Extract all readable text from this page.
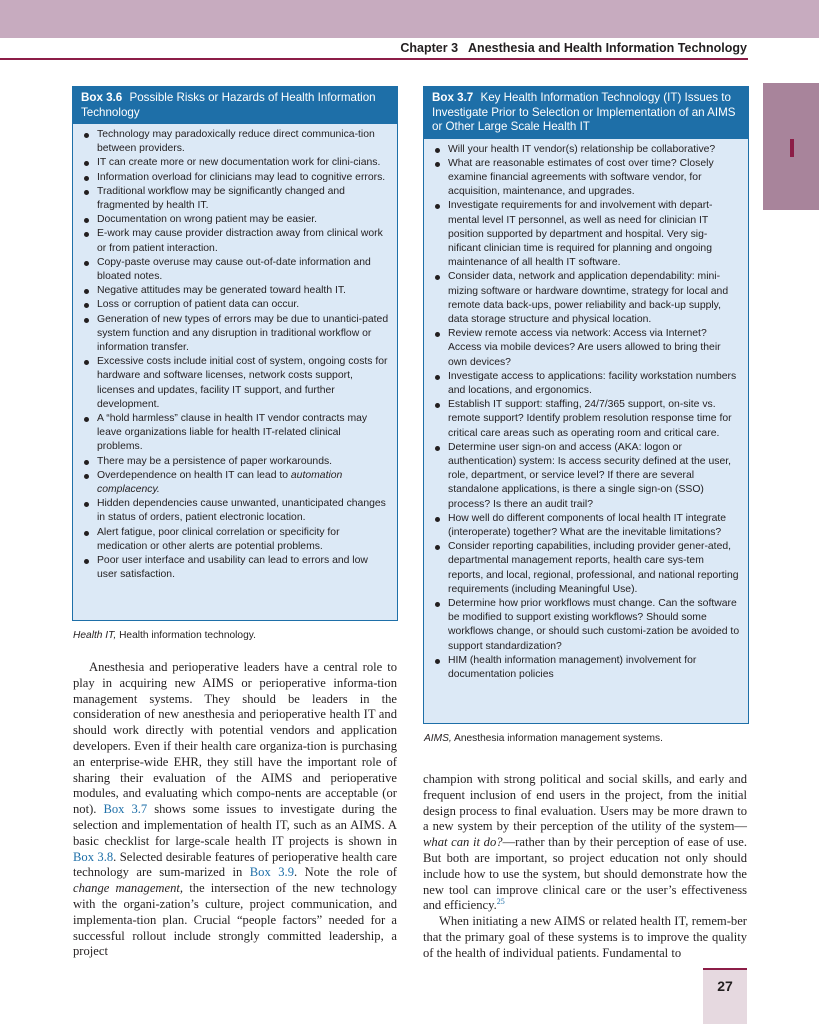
Chapter 3 Anesthesia and Health Information Technology
Box 3.6 Possible Risks or Hazards of Health Information Technology
Technology may paradoxically reduce direct communica-tion between providers.
IT can create more or new documentation work for clini-cians.
Information overload for clinicians may lead to cognitive errors.
Traditional workflow may be significantly changed and fragmented by health IT.
Documentation on wrong patient may be easier.
E-work may cause provider distraction away from clinical work or from patient interaction.
Copy-paste overuse may cause out-of-date information and bloated notes.
Negative attitudes may be generated toward health IT.
Loss or corruption of patient data can occur.
Generation of new types of errors may be due to unantici-pated system function and any disruption in traditional workflow or information transfer.
Excessive costs include initial cost of system, ongoing costs for hardware and software licenses, network costs support, licenses and updates, facility IT support, and further development.
A “hold harmless” clause in health IT vendor contracts may leave organizations liable for health IT-related clinical problems.
There may be a persistence of paper workarounds.
Overdependence on health IT can lead to automation complacency.
Hidden dependencies cause unwanted, unanticipated changes in status of orders, patient electronic location.
Alert fatigue, poor clinical correlation or specificity for medication or other alerts are potential problems.
Poor user interface and usability can lead to errors and low user satisfaction.
Health IT, Health information technology.
Box 3.7 Key Health Information Technology (IT) Issues to Investigate Prior to Selection or Implementation of an AIMS or Other Large Scale Health IT
Will your health IT vendor(s) relationship be collaborative?
What are reasonable estimates of cost over time? Closely examine financial agreements with software vendor, for acquisition, maintenance, and upgrades.
Investigate requirements for and involvement with depart-mental level IT personnel, as well as need for clinician IT position supported by department and hospital. Very sig-nificant clinician time is required for planning and ongoing maintenance of all health IT software.
Consider data, network and application dependability: mini-mizing software or hardware downtime, strategy for local and remote data back-ups, power reliability and back-up supply, data storage structure and physical location.
Review remote access via network: Access via Internet? Access via mobile devices? Are users allowed to bring their own devices?
Investigate access to applications: facility workstation numbers and locations, and ergonomics.
Establish IT support: staffing, 24/7/365 support, on-site vs. remote support? Identify problem resolution response time for critical care areas such as operating room and critical care.
Determine user sign-on and access (AKA: logon or authentication) system: Is access security defined at the user, role, department, or service level? If there are several standalone applications, is there a single sign-on (SSO) process? Is there an audit trail?
How well do different components of local health IT integrate (interoperate) together? What are the inevitable limitations?
Consider reporting capabilities, including provider gener-ated, departmental management reports, health care sys-tem reports, and local, regional, professional, and national reporting requirements (including Meaningful Use).
Determine how prior workflows must change. Can the software be modified to support existing workflows? Should some workflows change, or should such customi-zation be avoided to support standardization?
HIM (health information management) involvement for documentation policies
AIMS, Anesthesia information management systems.

Anesthesia and perioperative leaders have a central role to play in acquiring new AIMS or perioperative informa-tion management systems. They should be leaders in the consideration of new anesthesia and perioperative health IT and should work directly with potential vendors and application developers. Even if their health care organiza-tion is purchasing an enterprise-wide EHR, they still have the important role of sharing their evaluation of the AIMS and perioperative modules, and evaluating which compo-nents are acceptable (or not). Box 3.7 shows some issues to investigate during the selection and implementation of health IT, such as an AIMS. A basic checklist for large-scale health IT projects is shown in Box 3.8. Selected desirable features of perioperative health care technology are sum-marized in Box 3.9. Note the role of change management, the intersection of the new technology with the organi-zation’s culture, project communication, and implementa-tion plan. Crucial “people factors” needed for a successful rollout include strongly committed leadership, a project

champion with strong political and social skills, and early and frequent inclusion of end users in the project, from the initial design process to final evaluation. Users may be more drawn to a new system by their perception of the utility of the system—what can it do?—rather than by their perception of ease of use. But both are important, so project education not only should include how to use the system, but should demonstrate how the new tool can improve clinical care or the user’s effectiveness and efficiency.$^{25}$

When initiating a new AIMS or related health IT, remem-ber that the primary goal of these systems is to improve the quality of the health of individual patients. Fundamental to

27
